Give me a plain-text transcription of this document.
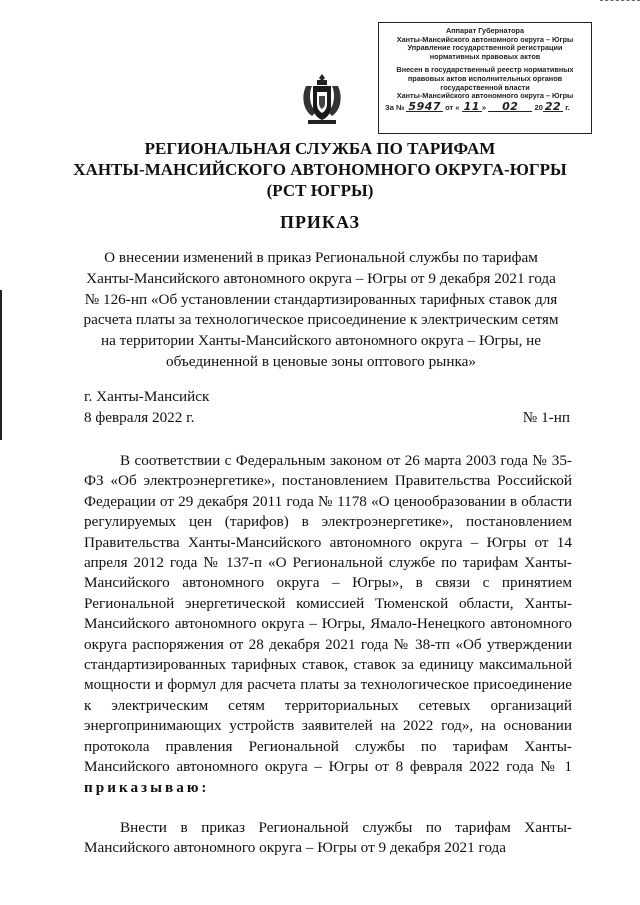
Аппарат Губернатора
Ханты-Мансийского автономного округа – Югры
Управление государственной регистрации
нормативных правовых актов
Внесен в государственный реестр нормативных
правовых актов исполнительных органов
государственной власти
Ханты-Мансийского автономного округа – Югры
За № 5947 от « 11 » 02 20 22 г.
РЕГИОНАЛЬНАЯ СЛУЖБА ПО ТАРИФАМ
ХАНТЫ-МАНСИЙСКОГО АВТОНОМНОГО ОКРУГА-ЮГРЫ
(РСТ ЮГРЫ)
ПРИКАЗ
О внесении изменений в приказ Региональной службы по тарифам
Ханты-Мансийского автономного округа – Югры от 9 декабря 2021 года
№ 126-нп «Об установлении стандартизированных тарифных ставок для
расчета платы за технологическое присоединение к электрическим сетям
на территории Ханты-Мансийского автономного округа – Югры, не
объединенной в ценовые зоны оптового рынка»
г. Ханты-Мансийск
8 февраля 2022 г.	№ 1-нп

В соответствии с Федеральным законом от 26 марта 2003 года № 35-ФЗ «Об электроэнергетике», постановлением Правительства Российской Федерации от 29 декабря 2011 года № 1178 «О ценообразовании в области регулируемых цен (тарифов) в электроэнергетике», постановлением Правительства Ханты-Мансийского автономного округа – Югры от 14 апреля 2012 года № 137-п «О Региональной службе по тарифам Ханты-Мансийского автономного округа – Югры», в связи с принятием Региональной энергетической комиссией Тюменской области, Ханты-Мансийского автономного округа – Югры, Ямало-Ненецкого автономного округа распоряжения от 28 декабря 2021 года № 38-тп «Об утверждении стандартизированных тарифных ставок, ставок за единицу максимальной мощности и формул для расчета платы за технологическое присоединение к электрическим сетям территориальных сетевых организаций энергопринимающих устройств заявителей на 2022 год», на основании протокола правления Региональной службы по тарифам Ханты-Мансийского автономного округа – Югры от 8 февраля 2022 года № 1 приказываю:

Внести в приказ Региональной службы по тарифам Ханты-Мансийского автономного округа – Югры от 9 декабря 2021 года
